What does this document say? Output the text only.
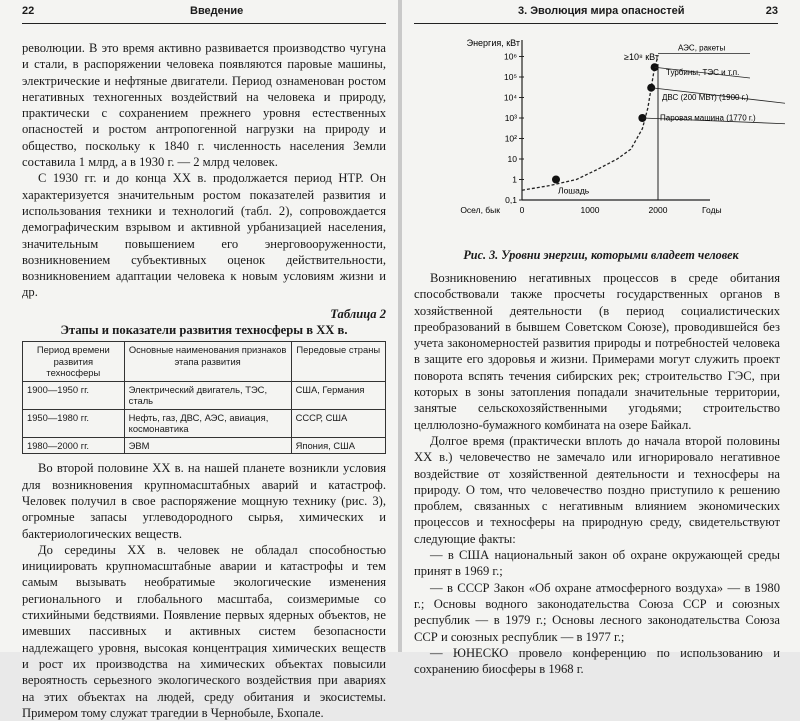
22	Введение

революции. В это время активно развивается производство чугуна и стали, в распоряжении человека появляются паровые машины, электрические и нефтяные двигатели. Период ознаменован ростом негативных техногенных воздействий на человека и природу, практически с сохранением прежнего уровня естественных опасностей и ростом антропогенной нагрузки на природу и общество, поскольку к 1840 г. численность населения Земли составила 1 млрд, а в 1930 г. — 2 млрд человек.

С 1930 гг. и до конца XX в. продолжается период НТР. Он характеризуется значительным ростом показателей развития и использования техники и технологий (табл. 2), сопровождается демографическим взрывом и активной урбанизацией населения, значительным повышением его энерговооруженности, возникновением субъективных оценок действительности, возникновением адаптации человека к новым условиям жизни и др.

Таблица 2
Этапы и показатели развития техносферы в XX в.
Период времени развития техносферы	Основные наименования признаков этапа развития	Передовые страны
1900—1950 гг.	Электрический двигатель, ТЭС, сталь	США, Германия
1950—1980 гг.	Нефть, газ, ДВС, АЭС, авиация, космонавтика	СССР, США
1980—2000 гг.	ЭВМ	Япония, США

Во второй половине XX в. на нашей планете возникли условия для возникновения крупномасштабных аварий и катастроф. Человек получил в свое распоряжение мощную технику (рис. 3), огромные запасы углеводородного сырья, химических и бактериологических веществ.

До середины XX в. человек не обладал способностью инициировать крупномасштабные аварии и катастрофы и тем самым вызывать необратимые экологические изменения регионального и глобального масштаба, соизмеримые со стихийными бедствиями. Появление первых ядерных объектов, не имевших пассивных и активных систем безопасности надлежащего уровня, высокая концентрация химических веществ и рост их производства на химических объектах повысили вероятность серьезного экологического воздействия при авариях на этих объектах на людей, среду обитания и экосистемы. Примером тому служат трагедии в Чернобыле, Бхопале.

3. Эволюция мира опасностей	23
10⁶
10⁵
10⁴
10³
10²
10
1
0,1
0	1000	2000
Энергия, кВт
≥10⁸ кВт
Осел, бык	Годы
АЭС, ракеты
Турбины, ТЭС и т.п.
ДВС (200 МВт) (1900 г.)
Паровая машина (1770 г.)
Лошадь
Рис. 3. Уровни энергии, которыми владеет человек

Возникновению негативных процессов в среде обитания способствовали также просчеты государственных органов в хозяйственной деятельности (в период социалистических преобразований в бывшем Советском Союзе), проводившейся без учета закономерностей развития природы и потребностей человека в защите его здоровья и жизни. Примерами могут служить проект поворота вспять течения сибирских рек; строительство ГЭС, при которых в зоны затопления попадали значительные территории, занятые сельскохозяйственными угодьями; строительство целлюлозно-бумажного комбината на озере Байкал.

Долгое время (практически вплоть до начала второй половины XX в.) человечество не замечало или игнорировало негативное воздействие от хозяйственной деятельности и техносферы на природу. О том, что человечество поздно приступило к решению проблем, связанных с негативным влиянием экономических процессов и техносферы на природную среду, свидетельствуют следующие факты:

— в США национальный закон об охране окружающей среды принят в 1969 г.;

— в СССР Закон «Об охране атмосферного воздуха» — в 1980 г.; Основы водного законодательства Союза ССР и союзных республик — в 1979 г.; Основы лесного законодательства Союза ССР и союзных республик — в 1977 г.;

— ЮНЕСКО провело конференцию по использованию и сохранению биосферы в 1968 г.
